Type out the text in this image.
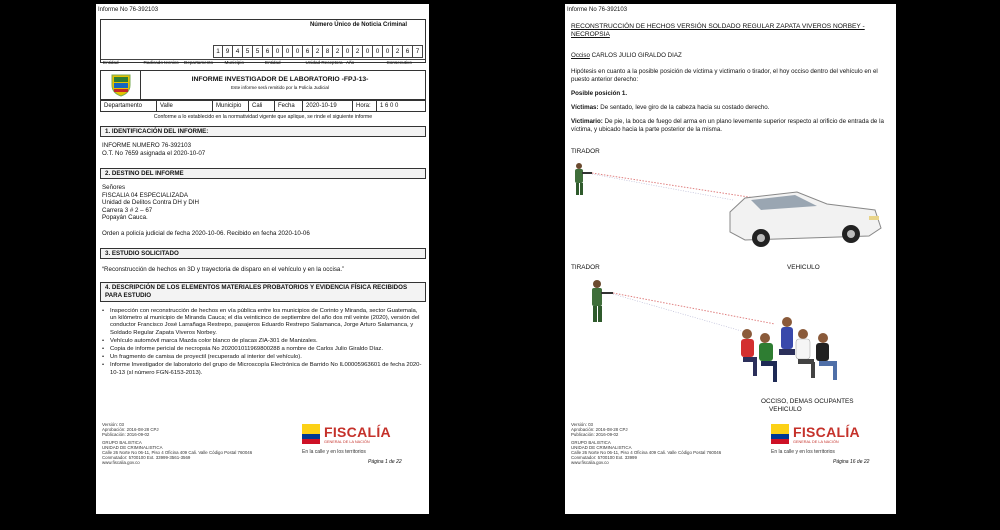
Informe No 76-392103
Número Único de Noticia Criminal
1 9	4	5	5	6	0	0	0	6	2	8	2	0	2	0	0	0	2	6	7
Entidad	Radicado tecnico	Departamento	Municipio	Entidad	Unidad Receptora Año	Consecutivo
INFORME INVESTIGADOR DE LABORATORIO -FPJ-13-
Este informe será remitido por la Policía Judicial
Departamento	Valle	Municipio	Cali	Fecha	2020-10-19	Hora:	1 6 0 0
Conforme a lo establecido en la normatividad vigente que aplique, se rinde el siguiente informe
1. IDENTIFICACIÓN DEL INFORME:
INFORME NUMERO 76-392103
O.T. No 7659 asignada el 2020-10-07
2. DESTINO DEL INFORME
Señores
FISCALIA 04 ESPECIALIZADA
Unidad de Delitos Contra DH y DIH
Carrera 3 # 2 – 67
Popayán Cauca.
Orden a policía judicial de fecha 2020-10-06. Recibido en fecha 2020-10-06
3. ESTUDIO SOLICITADO
“Reconstrucción de hechos en 3D y trayectoria de disparo en el vehículo y en la occisa.”
4. DESCRIPCIÓN DE LOS ELEMENTOS MATERIALES PROBATORIOS Y EVIDENCIA FÍSICA RECIBIDOS PARA ESTUDIO
• Inspección con reconstrucción de hechos en vía pública entre los municipios de Corinto y Miranda, sector Guatemala, un kilómetro al municipio de Miranda Cauca; el día veinticinco de septiembre del año dos mil veinte (2020), versión del conductor Francisco José Larrañaga Restrepo, pasajeros Eduardo Restrepo Salamanca, Jorge Arturo Salamanca, y Soldado Regular Zapata Viveros Norbey.
• Vehículo automóvil marca Mazda color blanco de placas ZIA-301 de Manizales.
• Copia de informe pericial de necropsia No 202001011969800288 a nombre de Carlos Julio Giraldo Díaz.
• Un fragmento de camisa de proyectil (recuperado al interior del vehículo).
• Informe Investigador de laboratorio del grupo de Microscopía Electrónica de Barrido No IL00005963601 de fecha 2020-10-13 (sl número FGN-6153-2013).
Versión: 03
Aprobación: 2016-08-28 CPJ
Publicación: 2016-09-02
GRUPO BALISTICA
UNIDAD DE CRIMINALISTICA
Calle 26 Norte No 06-11, Piso 4 Oficina 409 Cali. Valle Código Postal 760046
Conmutador: 5700100 Ext. 33999-3561-3569
www.fiscalia.gov.co
FISCALÍA
GENERAL DE LA NACIÓN
En la calle y en los territorios
Página 1 de 22
Informe No 76-392103
RECONSTRUCCIÓN DE HECHOS VERSIÓN SOLDADO REGULAR ZAPATA VIVEROS NORBEY - NECROPSIA
Occiso CARLOS JULIO GIRALDO DIAZ
Hipótesis en cuanto a la posible posición de víctima y victimario o tirador, el hoy occiso dentro del vehículo en el puesto anterior derecho:
Posible posición 1.
Víctimas: De sentado, leve giro de la cabeza hacia su costado derecho.
Victimario: De pie, la boca de fuego del arma en un plano levemente superior respecto al orificio de entrada de la víctima, y ubicado hacia la parte posterior de la misma.
TIRADOR
TIRADOR	VEHICULO
OCCISO, DEMAS OCUPANTES
VEHICULO
Versión: 03
Aprobación: 2016-08-28 CPJ
Publicación: 2016-09-02
GRUPO BALISTICA
UNIDAD DE CRIMINALISTICA
Calle 26 Norte No 06-11, Piso 4 Oficina 409 Cali. Valle Código Postal 760046
Conmutador: 5700100 Ext. 33999
www.fiscalia.gov.co
FISCALÍA
GENERAL DE LA NACIÓN
En la calle y en los territorios
Página 16 de 22
